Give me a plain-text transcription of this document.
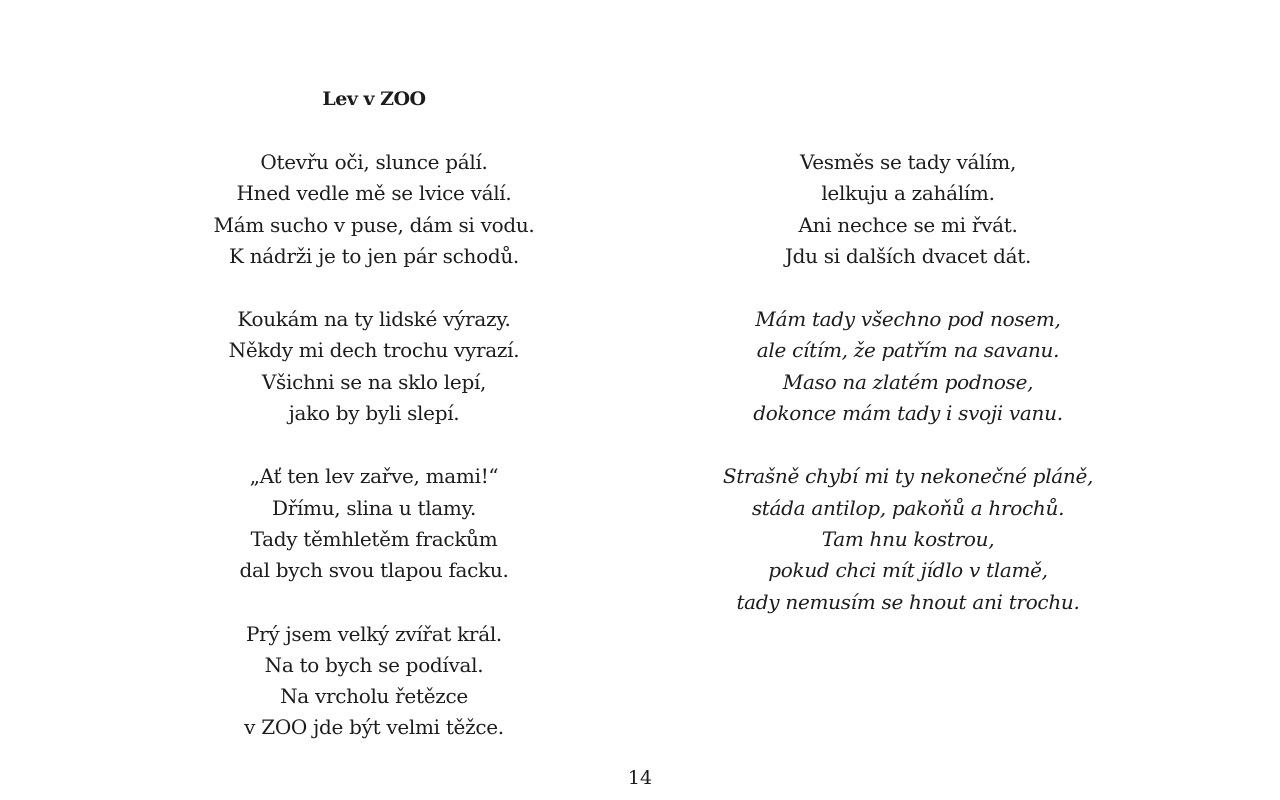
Lev v ZOO

Otevřu oči, slunce pálí.
Hned vedle mě se lvice válí.
Mám sucho v puse, dám si vodu.
K nádrži je to jen pár schodů.

Koukám na ty lidské výrazy.
Někdy mi dech trochu vyrazí.
Všichni se na sklo lepí,
jako by byli slepí.

„Ať ten lev zařve, mami!“
Dřímu, slina u tlamy.
Tady těmhletěm frackům
dal bych svou tlapou facku.

Prý jsem velký zvířat král.
Na to bych se podíval.
Na vrcholu řetězce
v ZOO jde být velmi těžce.

Vesměs se tady válím,
lelkuju a zahálím.
Ani nechce se mi řvát.
Jdu si dalších dvacet dát.

Mám tady všechno pod nosem,
ale cítím, že patřím na savanu.
Maso na zlatém podnose,
dokonce mám tady i svoji vanu.

Strašně chybí mi ty nekonečné pláně,
stáda antilop, pakoňů a hrochů.
Tam hnu kostrou,
pokud chci mít jídlo v tlamě,
tady nemusím se hnout ani trochu.

14
